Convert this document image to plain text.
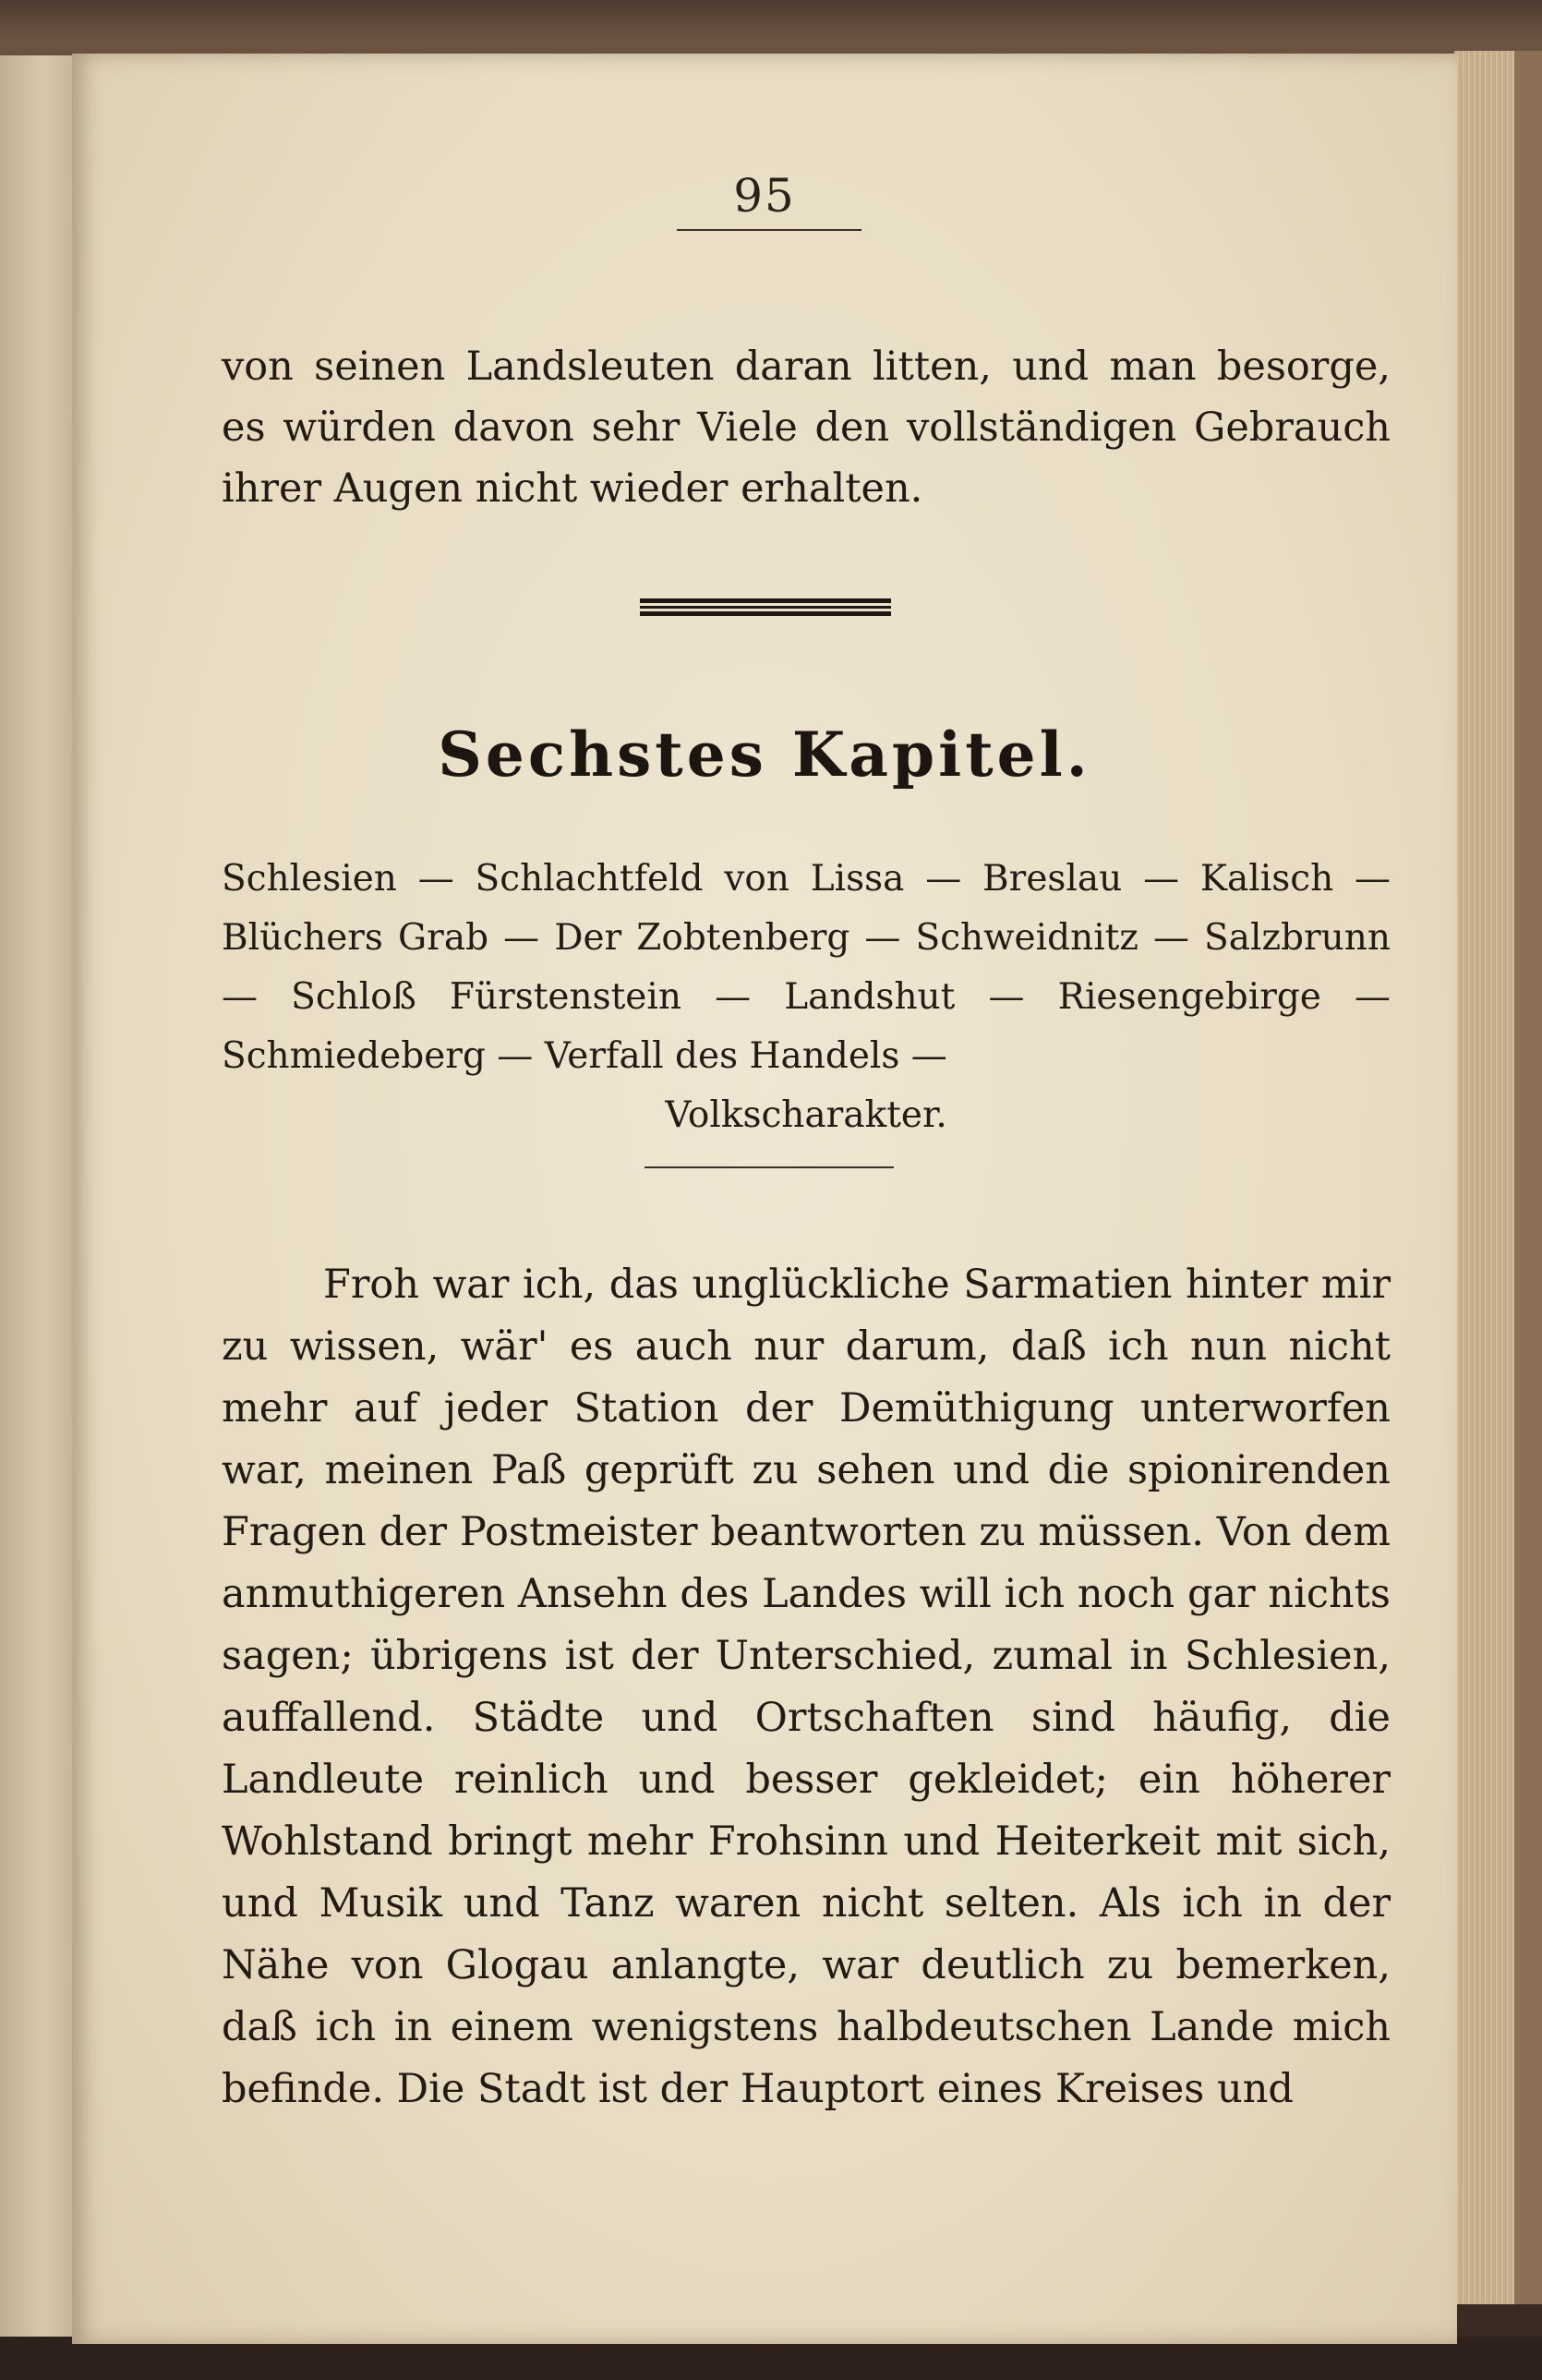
95

von seinen Landsleuten daran litten, und man besorge, es würden davon sehr Viele den vollständigen Gebrauch ihrer Augen nicht wieder erhalten.

Sechstes Kapitel.
Schlesien — Schlachtfeld von Lissa — Breslau — Kalisch — Blüchers Grab — Der Zobtenberg — Schweidnitz — Salzbrunn — Schloß Fürstenstein — Landshut — Riesengebirge — Schmiedeberg — Verfall des Handels —
Volkscharakter.

Froh war ich, das unglückliche Sarmatien hinter mir zu wissen, wär' es auch nur darum, daß ich nun nicht mehr auf jeder Station der Demüthigung unterworfen war, meinen Paß geprüft zu sehen und die spionirenden Fragen der Postmeister beantworten zu müssen. Von dem anmuthigeren Ansehn des Landes will ich noch gar nichts sagen; übrigens ist der Unterschied, zumal in Schlesien, auffallend. Städte und Ortschaften sind häufig, die Landleute reinlich und besser gekleidet; ein höherer Wohlstand bringt mehr Frohsinn und Heiterkeit mit sich, und Musik und Tanz waren nicht selten. Als ich in der Nähe von Glogau anlangte, war deutlich zu bemerken, daß ich in einem wenigstens halbdeutschen Lande mich befinde. Die Stadt ist der Hauptort eines Kreises und
